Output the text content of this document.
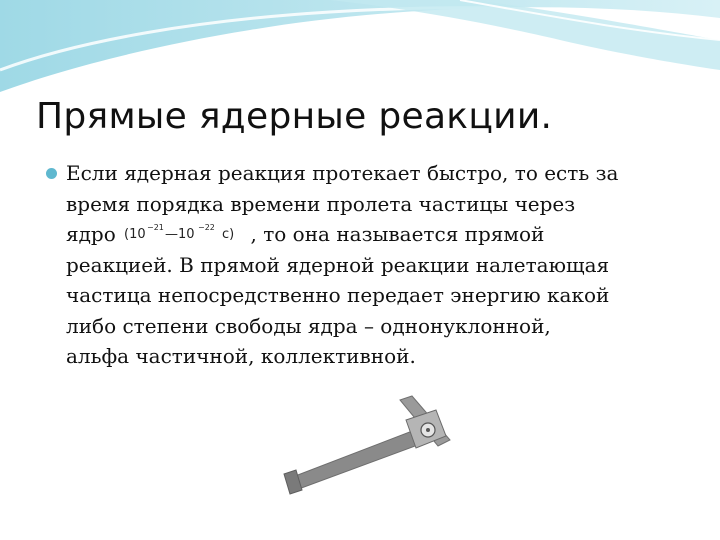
Прямые ядерные реакции.
Если ядерная реакция протекает быстро, то есть за
время порядка времени пролета частицы через
ядро (10 −21 —10 −22 с) , то она называется прямой
реакцией. В прямой ядерной реакции налетающая
частица непосредственно передает энергию какой
либо степени свободы ядра – однонуклонной,
альфа частичной, коллективной.
